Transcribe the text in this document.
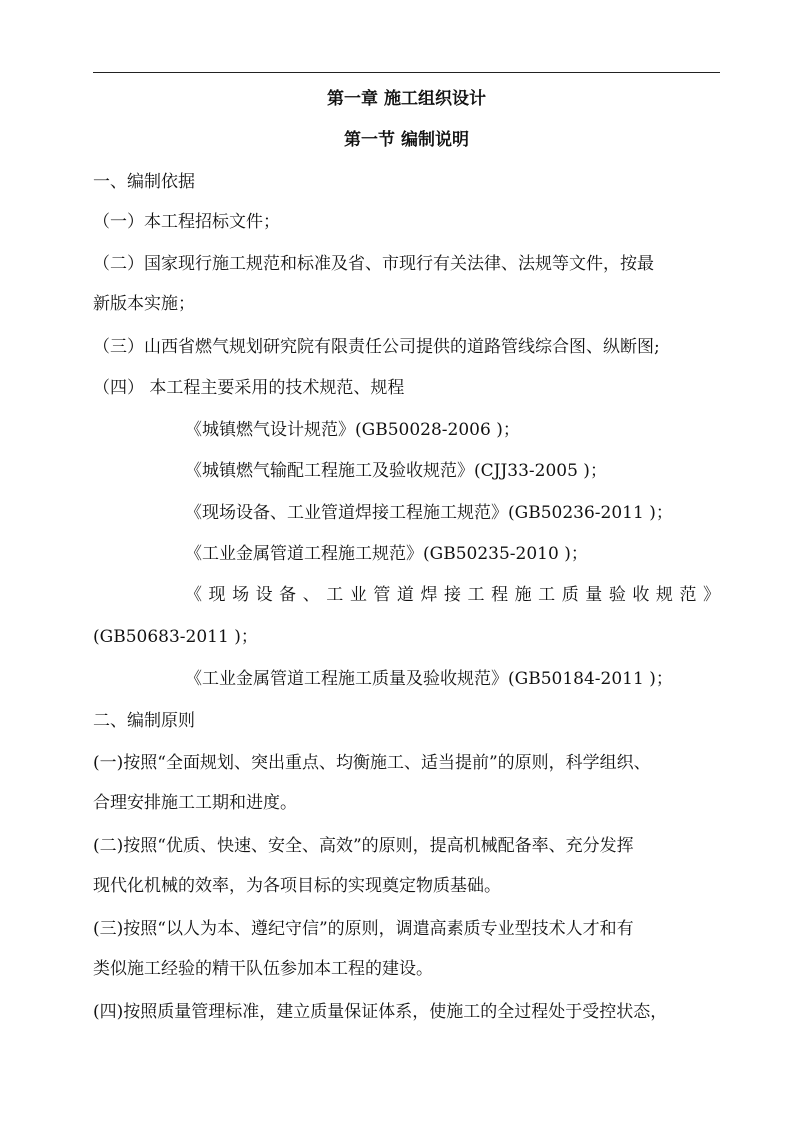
第一章 施工组织设计
第一节 编制说明
一、编制依据
（一）本工程招标文件；
（二）国家现行施工规范和标准及省、市现行有关法律、法规等文件，按最
新版本实施；
（三）山西省燃气规划研究院有限责任公司提供的道路管线综合图、纵断图;
（四） 本工程主要采用的技术规范、规程
《城镇燃气设计规范》(GB50028-2006 )；
《城镇燃气输配工程施工及验收规范》(CJJ33-2005 )；
《现场设备、工业管道焊接工程施工规范》(GB50236-2011 )；
《工业金属管道工程施工规范》(GB50235-2010 )；
《现场设备、工业管道焊接工程施工质量验收规范》
(GB50683-2011 )；
《工业金属管道工程施工质量及验收规范》(GB50184-2011 )；
二、编制原则
(一)按照“全面规划、突出重点、均衡施工、适当提前”的原则，科学组织、
合理安排施工工期和进度。
(二)按照“优质、快速、安全、高效”的原则，提高机械配备率、充分发挥
现代化机械的效率，为各项目标的实现奠定物质基础。
(三)按照“以人为本、遵纪守信”的原则，调遣高素质专业型技术人才和有
类似施工经验的精干队伍参加本工程的建设。
(四)按照质量管理标准，建立质量保证体系，使施工的全过程处于受控状态，
